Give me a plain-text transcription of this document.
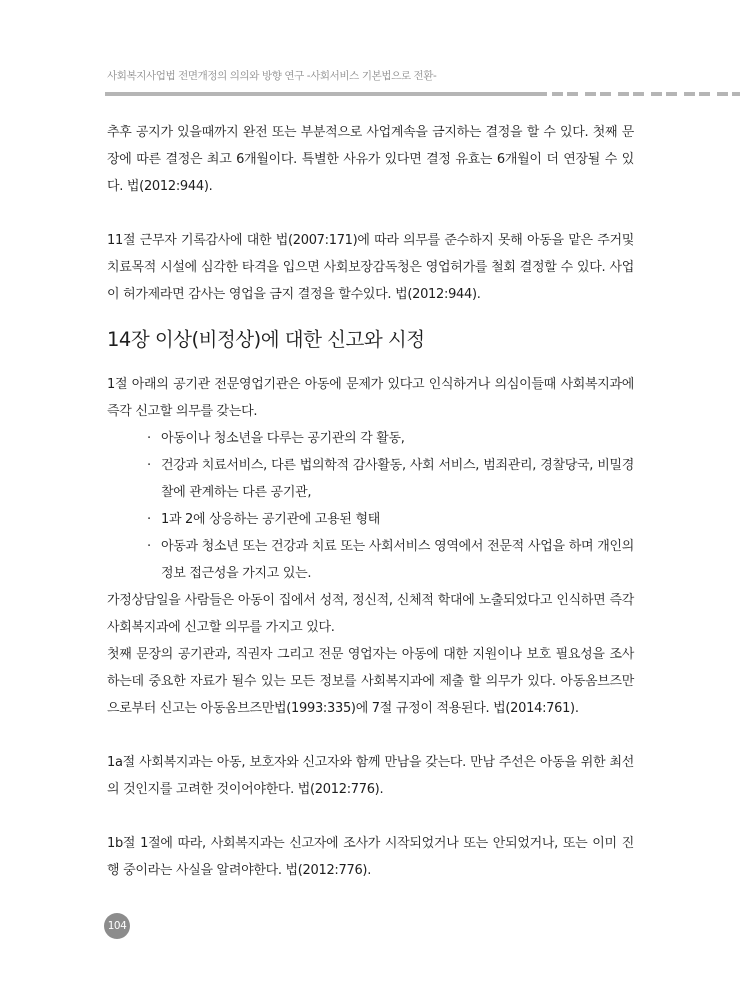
사회복지사업법 전면개정의 의의와 방향 연구 -사회서비스 기본법으로 전환-

추후 공지가 있을때까지 완전 또는 부분적으로 사업계속을 금지하는 결정을 할 수 있다. 첫째 문장에 따른 결정은 최고 6개월이다. 특별한 사유가 있다면 결정 유효는 6개월이 더 연장될 수 있다. 법(2012:944).

11절 근무자 기록감사에 대한 법(2007:171)에 따라 의무를 준수하지 못해 아동을 맡은 주거및 치료목적 시설에 심각한 타격을 입으면 사회보장감독청은 영업허가를 철회 결정할 수 있다. 사업이 허가제라면 감사는 영업을 금지 결정을 할수있다. 법(2012:944).

14장 이상(비정상)에 대한 신고와 시정

1절 아래의 공기관 전문영업기관은 아동에 문제가 있다고 인식하거나 의심이들때 사회복지과에 즉각 신고할 의무를 갖는다.

· 아동이나 청소년을 다루는 공기관의 각 활동,
· 건강과 치료서비스, 다른 법의학적 감사활동, 사회 서비스, 범죄관리, 경찰당국, 비밀경찰에 관계하는 다른 공기관,
· 1과 2에 상응하는 공기관에 고용된 형태
· 아동과 청소년 또는 건강과 치료 또는 사회서비스 영역에서 전문적 사업을 하며 개인의 정보 접근성을 가지고 있는.

가정상담일을 사람들은 아동이 집에서 성적, 정신적, 신체적 학대에 노출되었다고 인식하면 즉각 사회복지과에 신고할 의무를 가지고 있다.

첫째 문장의 공기관과, 직권자 그리고 전문 영업자는 아동에 대한 지원이나 보호 필요성을 조사하는데 중요한 자료가 될수 있는 모든 정보를 사회복지과에 제출 할 의무가 있다. 아동옴브즈만으로부터 신고는 아동옴브즈만법(1993:335)에 7절 규정이 적용된다. 법(2014:761).

1a절 사회복지과는 아동, 보호자와 신고자와 함께 만남을 갖는다. 만남 주선은 아동을 위한 최선의 것인지를 고려한 것이어야한다. 법(2012:776).

1b절 1절에 따라, 사회복지과는 신고자에 조사가 시작되었거나 또는 안되었거나, 또는 이미 진행 중이라는 사실을 알려야한다. 법(2012:776).

104
